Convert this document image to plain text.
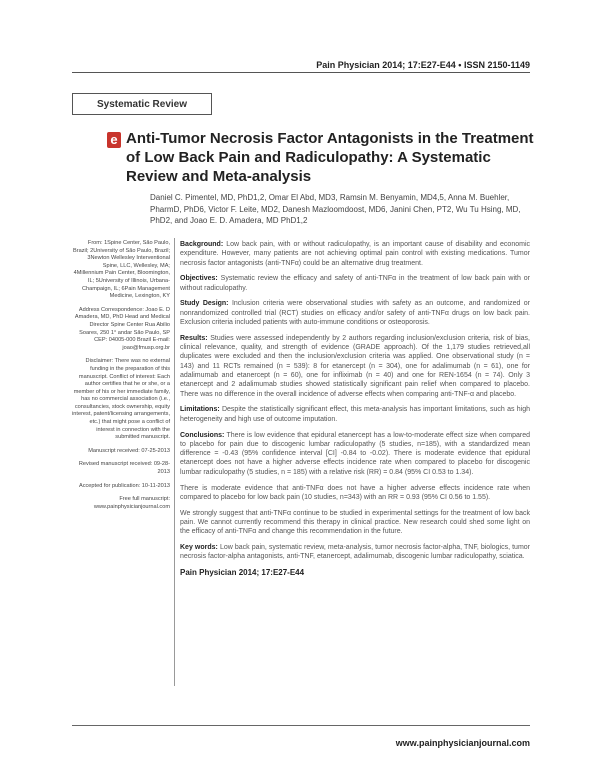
Pain Physician 2014; 17:E27-E44 • ISSN 2150-1149
Systematic Review
e Anti-Tumor Necrosis Factor Antagonists in the Treatment of Low Back Pain and Radiculopathy: A Systematic Review and Meta-analysis
Daniel C. Pimentel, MD, PhD1,2, Omar El Abd, MD3, Ramsin M. Benyamin, MD4,5, Anna M. Buehler, PharmD, PhD6, Victor F. Leite, MD2, Danesh Mazloomdoost, MD6, Janini Chen, PT2, Wu Tu Hsing, MD, PhD2, and Joao E. D. Amadera, MD PhD1,2

From: 1Spine Center, São Paulo, Brazil; 2University of São Paulo, Brazil; 3Newton Wellesley Interventional Spine, LLC, Wellesley, MA; 4Millennium Pain Center, Bloomington, IL; 5University of Illinois, Urbana-Champaign, IL; 6Pain Management Medicine, Lexington, KY

Address Correspondence: Joao E. D Amadera, MD, PhD Head and Medical Director Spine Center Rua Abilio Soares, 250 1° andar São Paulo, SP CEP: 04005-000 Brazil E-mail: joao@fmusp.org.br

Disclaimer: There was no external funding in the preparation of this manuscript. Conflict of interest: Each author certifies that he or she, or a member of his or her immediate family, has no commercial association (i.e., consultancies, stock ownership, equity interest, patent/licensing arrangements, etc.) that might pose a conflict of interest in connection with the submitted manuscript.

Manuscript received: 07-25-2013

Revised manuscript received: 09-28-2013

Accepted for publication: 10-11-2013

Free full manuscript: www.painphysicianjournal.com

Background: Low back pain, with or without radiculopathy, is an important cause of disability and economic expenditure. However, many patients are not achieving optimal pain control with existing medications. Tumor necrosis factor antagonists (anti-TNFα) could be an alternative drug treatment.

Objectives: Systematic review the efficacy and safety of anti-TNFα in the treatment of low back pain with or without radiculopathy.

Study Design: Inclusion criteria were observational studies with safety as an outcome, and randomized or nonrandomized controlled trial (RCT) studies on efficacy and/or safety of anti-TNFα drugs on low back pain. Exclusion criteria included patients with auto-immune conditions or osteoporosis.

Results: Studies were assessed independently by 2 authors regarding inclusion/exclusion criteria, risk of bias, clinical relevance, quality, and strength of evidence (GRADE approach). Of the 1,179 studies retrieved,all duplicates were excluded and then the inclusion/exclusion criteria was applied. One observational study (n = 143) and 11 RCTs remained (n = 539): 8 for etanercept (n = 304), one for adalimumab (n = 61), one for adalimumab and etanercept (n = 60), one for infliximab (n = 40) and one for REN-1654 (n = 74). Only 3 etanercept and 2 adalimumab studies showed statistically significant pain relief when compared to placebo. There was no difference in the overall incidence of adverse effects when comparing anti-TNF-α and placebo.

Limitations: Despite the statistically significant effect, this meta-analysis has important limitations, such as high heterogeneity and high use of outcome imputation.

Conclusions: There is low evidence that epidural etanercept has a low-to-moderate effect size when compared to placebo for pain due to discogenic lumbar radiculopathy (5 studies, n=185), with a standardized mean difference = -0.43 (95% confidence interval [CI] -0.84 to -0.02). There is moderate evidence that epidural etanercept does not have a higher adverse effects incidence rate when compared to placebo for discogenic lumbar radiculopathy (5 studies, n = 185) with a relative risk (RR) = 0.84 (95% CI 0.53 to 1.34).

There is moderate evidence that anti-TNFα does not have a higher adverse effects incidence rate when compared to placebo for low back pain (10 studies, n=343) with an RR = 0.93 (95% CI 0.56 to 1.55).

We strongly suggest that anti-TNFα continue to be studied in experimental settings for the treatment of low back pain. We cannot currently recommend this therapy in clinical practice. New research could shed some light on the efficacy of anti-TNFα and change this recommendation in the future.

Key words: Low back pain, systematic review, meta-analysis, tumor necrosis factor-alpha, TNF, biologics, tumor necrosis factor-alpha antagonists, anti-TNF, etanercept, adalimumab, discogenic lumbar radiculopathy, sciatica.

Pain Physician 2014; 17:E27-E44
www.painphysicianjournal.com
